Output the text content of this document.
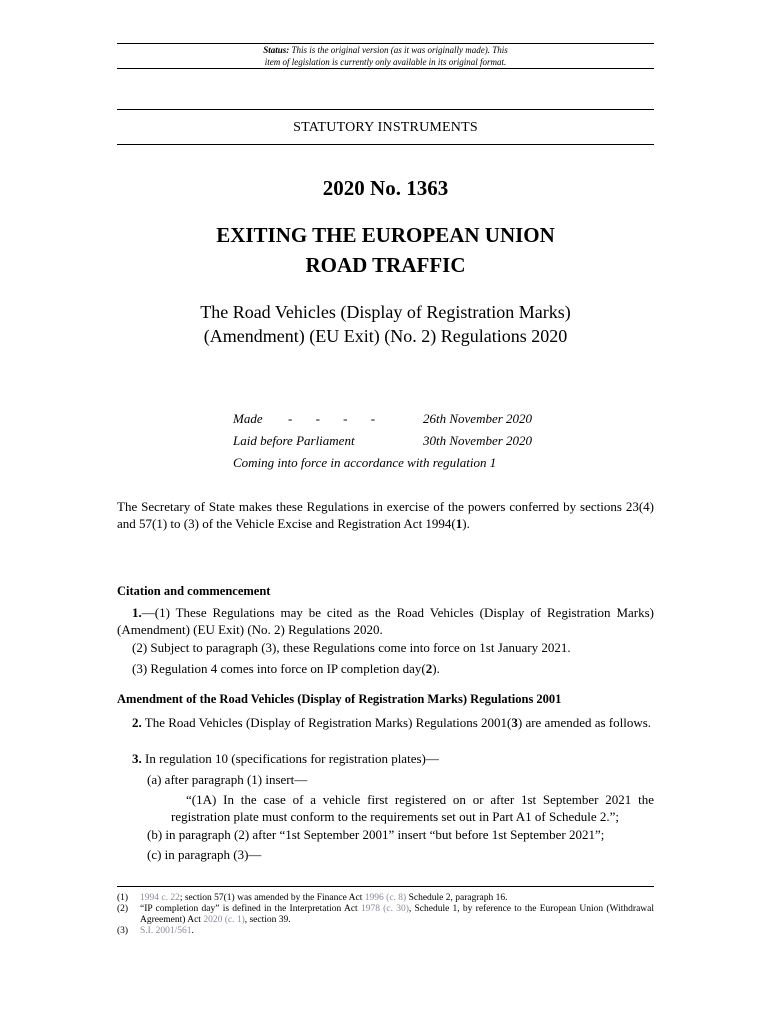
Status: This is the original version (as it was originally made). This
item of legislation is currently only available in its original format.
STATUTORY INSTRUMENTS
2020 No. 1363
EXITING THE EUROPEAN UNION
ROAD TRAFFIC
The Road Vehicles (Display of Registration Marks)
(Amendment) (EU Exit) (No. 2) Regulations 2020
Made - - - -	26th November 2020
Laid before Parliament	30th November 2020
Coming into force in accordance with regulation 1
The Secretary of State makes these Regulations in exercise of the powers conferred by sections 23(4) and 57(1) to (3) of the Vehicle Excise and Registration Act 1994(1).
Citation and commencement
1.—(1) These Regulations may be cited as the Road Vehicles (Display of Registration Marks) (Amendment) (EU Exit) (No. 2) Regulations 2020.
(2) Subject to paragraph (3), these Regulations come into force on 1st January 2021.
(3) Regulation 4 comes into force on IP completion day(2).
Amendment of the Road Vehicles (Display of Registration Marks) Regulations 2001
2. The Road Vehicles (Display of Registration Marks) Regulations 2001(3) are amended as follows.
3. In regulation 10 (specifications for registration plates)—
(a) after paragraph (1) insert—
“(1A) In the case of a vehicle first registered on or after 1st September 2021 the registration plate must conform to the requirements set out in Part A1 of Schedule 2.”;
(b) in paragraph (2) after “1st September 2001” insert “but before 1st September 2021”;
(c) in paragraph (3)—
(1) 1994 c. 22; section 57(1) was amended by the Finance Act 1996 (c. 8) Schedule 2, paragraph 16.
(2) “IP completion day” is defined in the Interpretation Act 1978 (c. 30), Schedule 1, by reference to the European Union (Withdrawal Agreement) Act 2020 (c. 1), section 39.
(3) S.I. 2001/561.
